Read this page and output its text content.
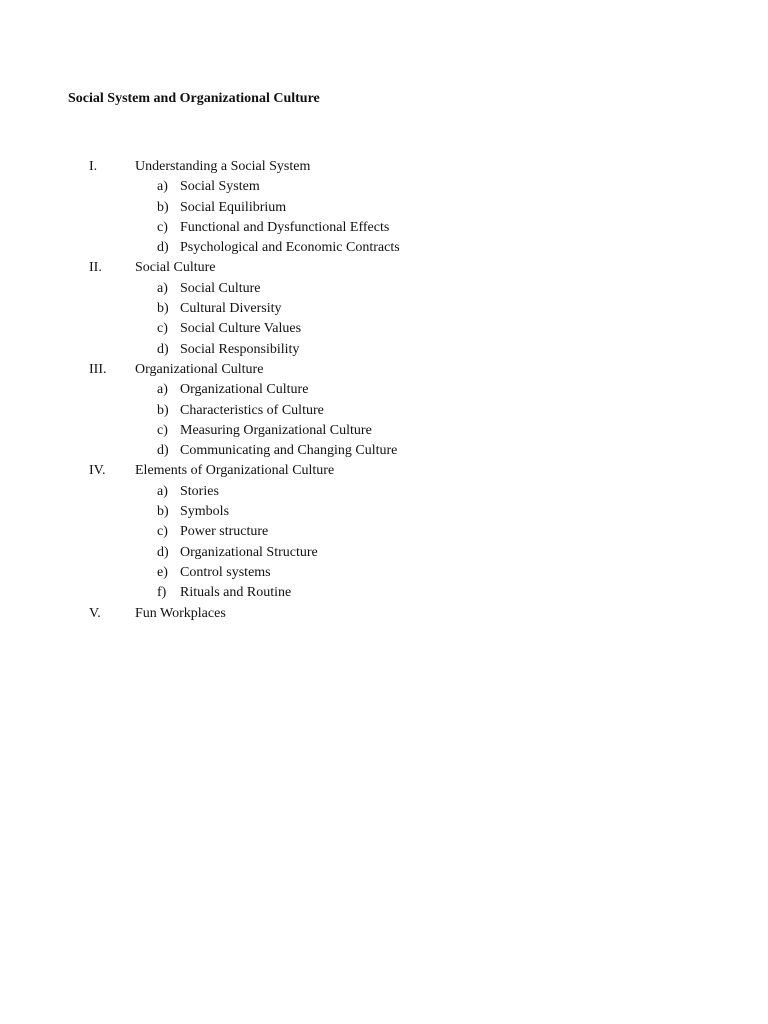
Social System and Organizational Culture
I.	Understanding a Social System
a) Social System
b) Social Equilibrium
c) Functional and Dysfunctional Effects
d) Psychological and Economic Contracts
II. Social Culture
a) Social Culture
b) Cultural Diversity
c) Social Culture Values
d) Social Responsibility
III. Organizational Culture
a) Organizational Culture
b) Characteristics of Culture
c) Measuring Organizational Culture
d) Communicating and Changing Culture
IV. Elements of Organizational Culture
a) Stories
b) Symbols
c) Power structure
d) Organizational Structure
e) Control systems
f) Rituals and Routine
V. Fun Workplaces
